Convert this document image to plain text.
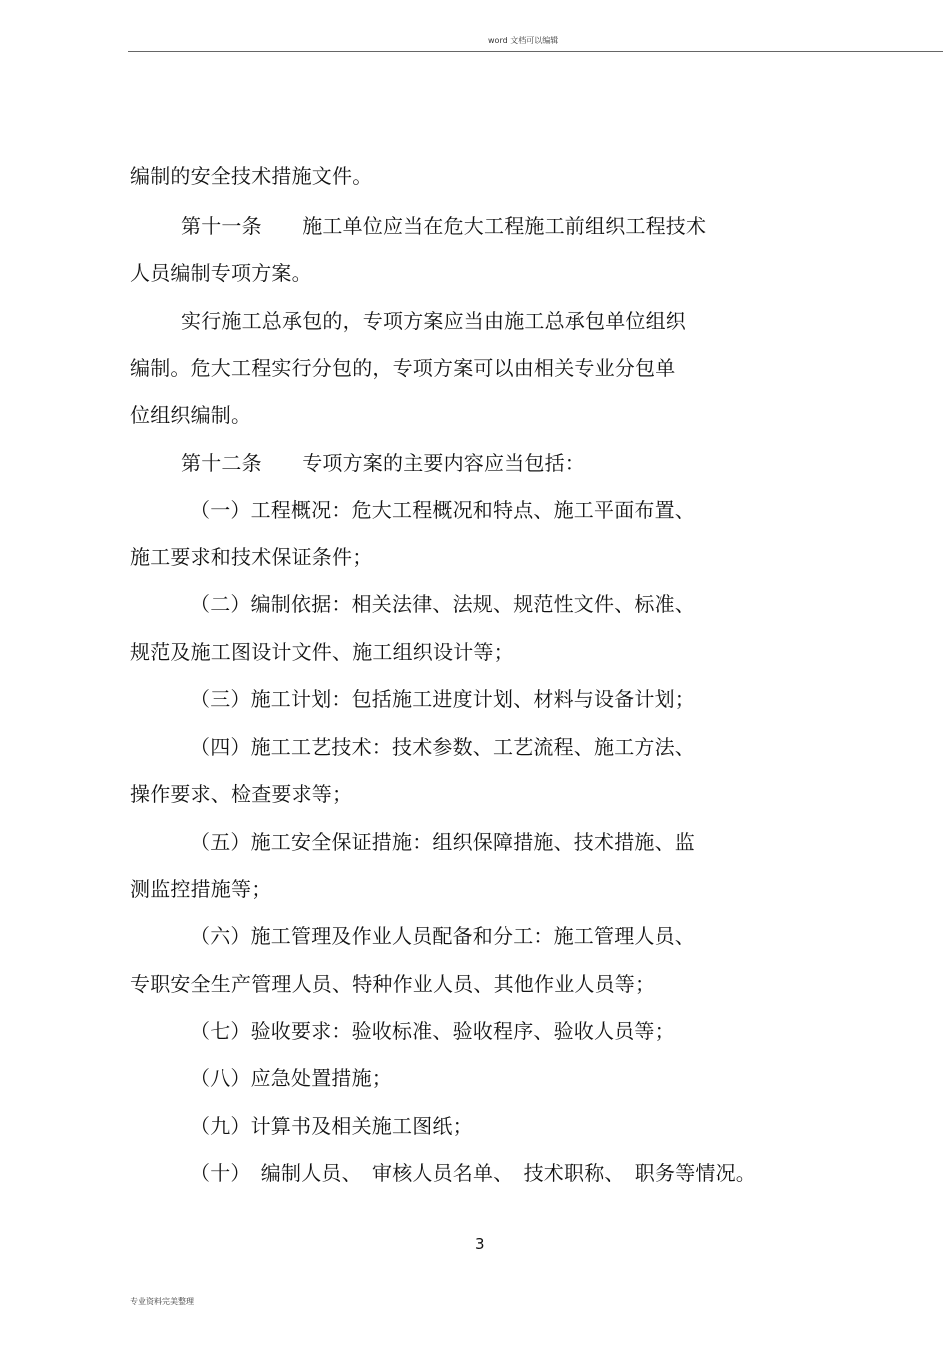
word 文档可以编辑
编制的安全技术措施文件。
第十一条　　施工单位应当在危大工程施工前组织工程技术
人员编制专项方案。
实行施工总承包的，专项方案应当由施工总承包单位组织
编制。危大工程实行分包的，专项方案可以由相关专业分包单
位组织编制。
第十二条　　专项方案的主要内容应当包括：
（一）工程概况：危大工程概况和特点、施工平面布置、
施工要求和技术保证条件；
（二）编制依据：相关法律、法规、规范性文件、标准、
规范及施工图设计文件、施工组织设计等；
（三）施工计划：包括施工进度计划、材料与设备计划；
（四）施工工艺技术：技术参数、工艺流程、施工方法、
操作要求、检查要求等；
（五）施工安全保证措施：组织保障措施、技术措施、监
测监控措施等；
（六）施工管理及作业人员配备和分工：施工管理人员、
专职安全生产管理人员、特种作业人员、其他作业人员等；
（七）验收要求：验收标准、验收程序、验收人员等；
（八）应急处置措施；
（九）计算书及相关施工图纸；
（十）　编制人员、　审核人员名单、　技术职称、　职务等情况。
3
专业资料完美整理
